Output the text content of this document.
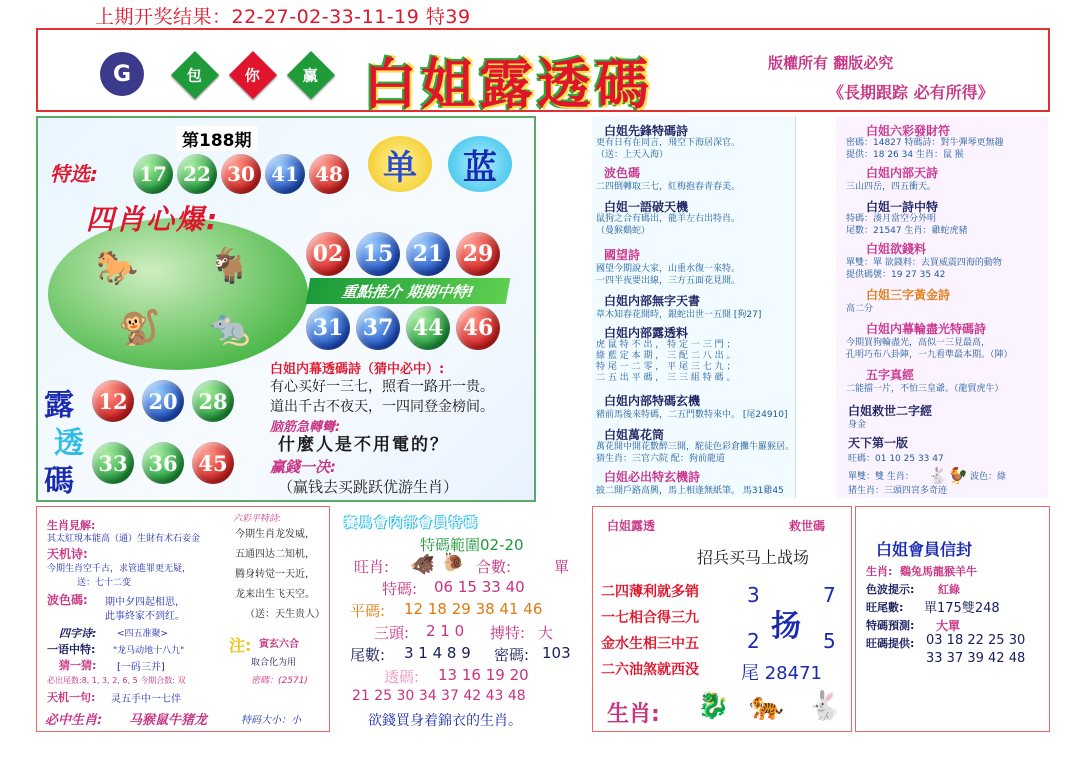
上期开奖结果：22-27-02-33-11-19 特39
G	包	你	赢 白姐露透碼	版權所有 翻版必究
《長期跟踪 必有所得》
第188期
特选:	17 22 30 41 48	单	蓝
🐎 🐐
🐒 🐀
四肖心爆:
02 15 21 29
重點推介 期期中特!
31 37 44 46
露
透
碼
12 20 28
33 36 45
白姐内幕透碼詩（猜中必中）:
有心买好一三七，照看一路开一贵。
道出千古不夜天，一四同登金榜间。
脑筋急轉彎:
什麼人是不用電的？
赢錢一决:
（赢钱去买跳跃优游生肖）
白姐先鋒特碼詩
更有日有在同言，飛空下海居深官。
（送：上天入海）
波色碼
二四倒轉取三七，紅梅抱春青春美。
白姐一語破天機
鼠狗之合有碼出，龍羊左右出特肖。
（曼猴鷄蛇）
國望詩
國望今期說大家，山重水復一來特。
一四半夜要出線，三方五面花見開。
白姐内部無字天書
草木知春花開時，銀蛇出世一五開 [狗27]
白姐内部露透料
虎 鼠 特 不 出 ， 特 定 一 三 門 ；
綠 藍 定 本 期 ， 三 配 二 八 出 。
特 尾 一 二 零 ， 平 尾 三 七 九 ；
二 五 出 平 碼 ， 三 三 組 特 碼 。
白姐内部特碼玄機
豬前馬後來特碼，二五門數特來中。 [尾24910]
白姐萬花筒
萬花開中開花數醉三開，駝徒色彩倉攤牛羅猴居。
猜生肖：三官六院 配：狗前龍道
白姐必出特玄機詩
披二開戶路高興，馬上相逢無紙筆。 馬31雞45
白姐六彩發財符
密碼：14827 特碼詩：對牛彈琴更無趣
提供：18 26 34 生肖：鼠 猴
白姐内部天詩
三山四岳，四五衝天。
白姐一詩中特
特碼：湊月當空分外明
尾數：21547 生肖：雞蛇虎豬
白姐欲錢料
單雙：單 欲錢料：去買威震四海的動物
提供碼號：19 27 35 42
白姐三字黃金詩
高二分
白姐内幕輪盡光特碼詩
今期買狗輪盡光，高似一三見最高，
孔明巧布八卦陣，一九看準最本期。（陣）
五字真經
二能擋一片，不怕三皇爺。（龍貿虎牛）
白姐救世二字經
身金
天下第一版
旺碼：01 10 25 33 47
單雙：雙 生肖： 🐇 🐓 波色：綠
猪生肖：三頭四宮多奇迹
生肖見解:
其太紅現本能高（通）生財有术石妾金
天机诗:
今期生肖空千古，求管進罪更无疑，
送：七十二变
波色碼: 期中夕四起相思，
此事終家不到红。
四字诗: <四五准聚>
一语中特: "龙马动地十八九"
猜一猜: [一码三并]
必出尾数:8, 1, 3, 2, 6, 5 今期合数: 双
天机一句: 灵五手中一七伴
必中生肖: 马猴鼠牛猪龙
六彩平特詩:
今期生肖龙发威，
五通四达二知机，
腾身转觉一天近，
龙来出生飞天空。
（送：天生贵人）
注: 寅玄六合
取合化为用
密碼：(2571)
特码大小：小
賽馬會内部會員特碼
特碼範圍02-20
旺肖: 🐗 🐌 合數:	單
特碼: 06 15 33 40
平碼: 12 18 29 38 41 46
三頭: 2 1 0 搏特: 大
尾數: 3 1 4 8 9 密碼: 103
透碼: 13 16 19 20
21 25 30 34 37 42 43 48
欲錢買身着錦衣的生肖。
白姐露透	救世碼
招兵买马上战场
二四薄利就多销
一七相合得三九
金水生相三中五
二六油煞就西没
3	7
2	5
扬
尾 28471
生肖: 🐉 🐅 🐇
白姐會員信封
生肖: 鷄兔馬龍猴羊牛
色波提示: 紅綠
旺尾數: 單175雙248
特碼預測: 大單
旺碼提供: 03 18 22 25 30
33 37 39 42 48
